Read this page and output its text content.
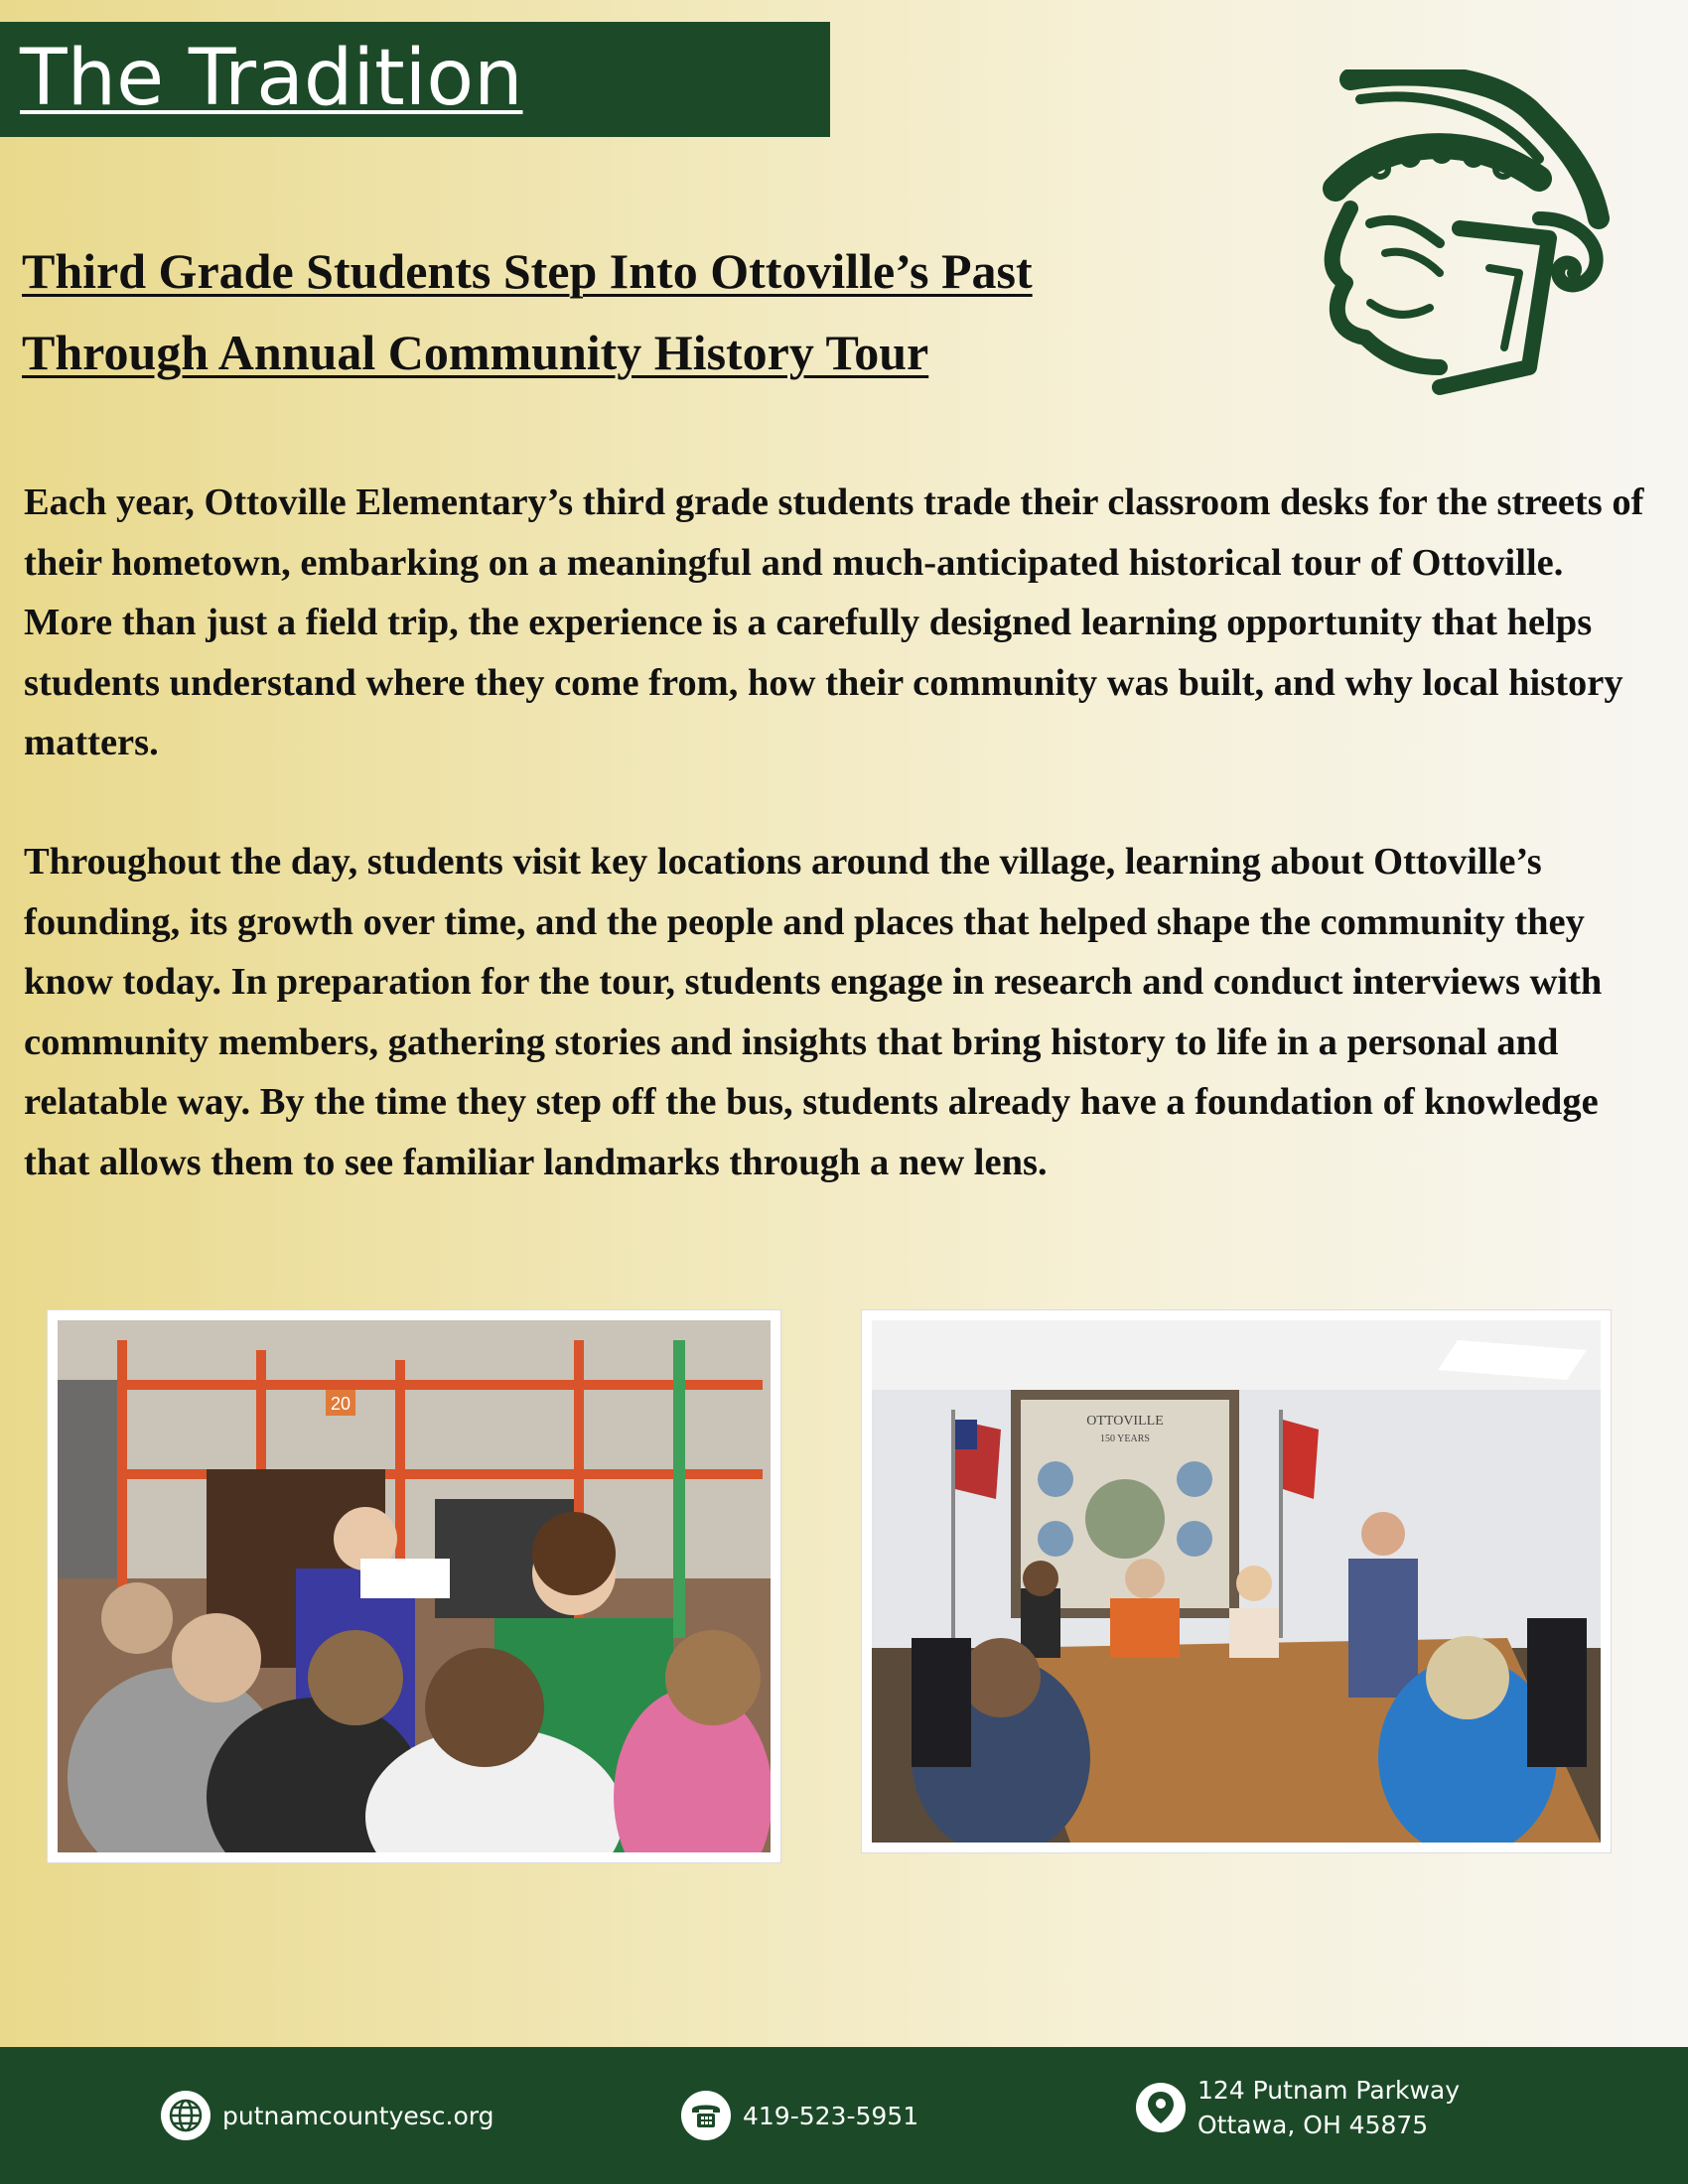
The Tradition
Third Grade Students Step Into Ottoville’s Past
Through Annual Community History Tour

Each year, Ottoville Elementary’s third grade students trade their classroom desks for the streets of their hometown, embarking on a meaningful and much-anticipated historical tour of Ottoville. More than just a field trip, the experience is a carefully designed learning opportunity that helps students understand where they come from, how their community was built, and why local history matters.

Throughout the day, students visit key locations around the village, learning about Ottoville’s founding, its growth over time, and the people and places that helped shape the community they know today. In preparation for the tour, students engage in research and conduct interviews with community members, gathering stories and insights that bring history to life in a personal and relatable way. By the time they step off the bus, students already have a foundation of knowledge that allows them to see familiar landmarks through a new lens.

20
OTTOVILLE
150 YEARS
putnamcountyesc.org	419-523-5951
124 Putnam Parkway
Ottawa, OH 45875
